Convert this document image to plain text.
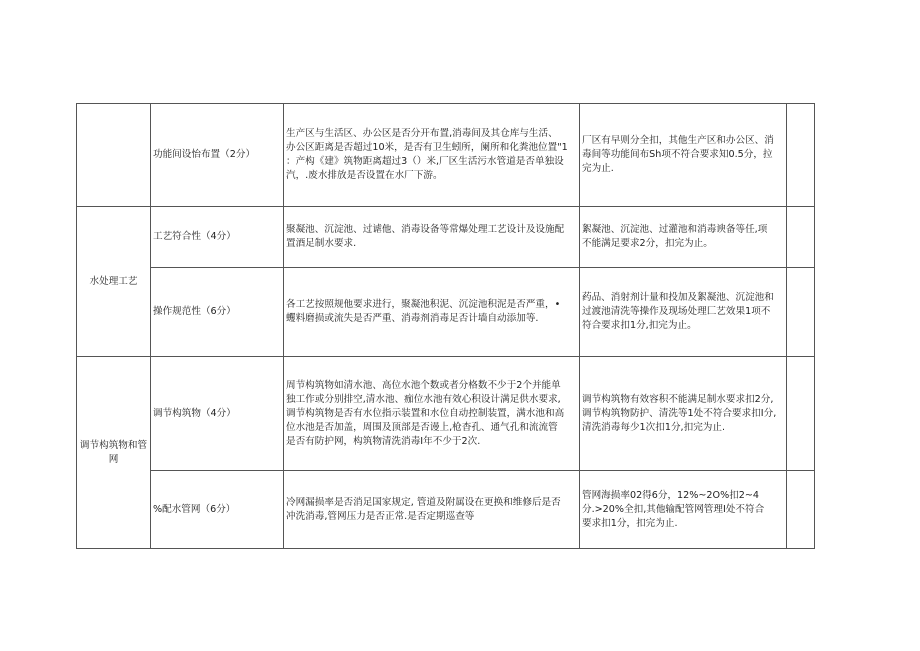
	功能间设怡布置（2分）	生产区与生活区、办公区是否分开布置,消毒间及其仓库与生活、
办公区距离是否超过10米，是否有卫生蚓所，阑所和化粪池位置"1
：产构《建》筑物距离超过3（）米,厂区生活污水管道是否单独设
汽，.废水排放是否设置在水厂下游。	厂区有早则分全扣，其他生产区和办公区、消
毒间等功能间布Sh项不符合要求知0.5分，拉
完为止.	

水处理工艺	工艺符合性（4分）	聚凝池、沉淀池、过谑他、消毒设备等常爆处理工艺设计及设施配
置酒足制水要求.	絮凝池、沉淀池、过灌池和消毒谀备等任,项
不能满足要求2分，扣完为止。	

	操作规范性（6分）	各工艺按照规他要求进行，聚凝池积泥、沉淀池积泥是否严重，•
蠼料磨损或流失是否严重、消毒剂消毒足否计墙自动添加等.	药品、消射剂计量和投加及絮凝池、沉淀池和
过渡池清洗等操作及现场处理匚艺效果1项不
符合要求扣1分,扣完为止。	

调节构筑物和管网	调节构筑物（4分）	周节构筑物如清水池、高位水池个数或者分格数不少于2个并能单
独工作或分别排空,清水池、痂位水池有效心积设计满足供水要求,
调节构筑物是否有水位指示装置和水位自动控制装置，满水池和高
位水池是否加盖，周围及顶部是否谩上,枪杳孔、通气孔和流流管
是否有防护网，构筑物清洗消毒I年不少于2次.	调节构筑物有效容积不能满足制水要求扣2分,
调节构筑物防护、清洗等1处不符合要求扣I分,
清洗消毒每少1次扣1分,扣完为止.	

	%配水管网（6分）	冷网漏损率是否消足国家规定, 管道及附属设在更换和维修后是否
冲洗消毒,管网压力是否正常.是否定期巡查等	管网海损率02得6分，12%~2O%扣2~4
分.>20%全扣,其他输配管网管理I处不符合
要求扣1分，扣完为止.	
